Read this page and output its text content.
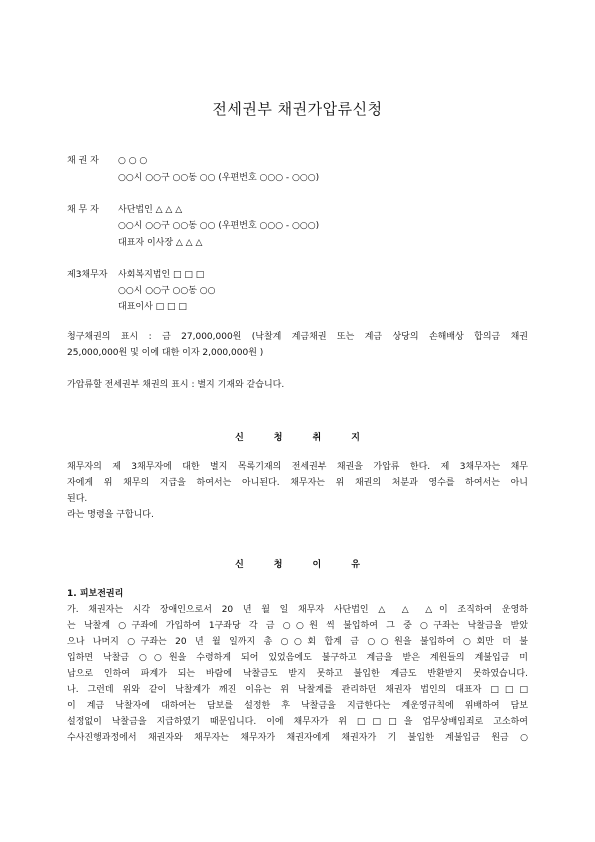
전세권부 채권가압류신청
채 권 자 ○ ○ ○
○○시 ○○구 ○○동 ○○ (우편번호 ○○○ - ○○○)
채 무 자 사단법인 △ △ △
○○시 ○○구 ○○동 ○○ (우편번호 ○○○ - ○○○)
대표자 이사장 △ △ △
제3채무자 사회복지법인 □ □ □
○○시 ○○구 ○○동 ○○
대표이사 □ □ □
청구채권의 표시 : 금 27,000,000원 (낙찰계 계금채권 또는 계금 상당의 손해배상 합의금 채권
25,000,000원 및 이에 대한 이자 2,000,000원 )
가압류할 전세권부 채권의 표시 : 별지 기재와 같습니다.
신	청	취	지
채무자의 제 3채무자에 대한 별지 목록기재의 전세권부 채권을 가압류 한다. 제 3채무자는 채무
자에게 위 채무의 지급을 하여서는 아니된다. 채무자는 위 채권의 처분과 영수를 하여서는 아니
된다.
라는 명령을 구합니다.
신	청	이	유
1. 피보전권리
가. 채권자는 시각 장애인으로서 20 년 월 일 채무자 사단법인 △ △ △이 조직하여 운영하
는 낙찰계 ○구좌에 가입하여 1구좌당 각 금 ○○원 씩 불입하여 그 중 ○구좌는 낙찰금을 받았
으나 나머지 ○구좌는 20 년 월 일까지 총 ○○회 합계 금 ○○원을 불입하여 ○회만 더 불
입하면 낙찰금 ○○원을 수령하게 되어 있었음에도 불구하고 계금을 받은 계원들의 계불입금 미
납으로 인하여 파계가 되는 바람에 낙찰금도 받지 못하고 불입한 계금도 반환받지 못하였습니다.
나. 그런데 위와 같이 낙찰계가 깨진 이유는 위 낙찰계를 관리하던 채권자 법인의 대표자 □□□
이 계금 낙찰자에 대하여는 담보를 설정한 후 낙찰금을 지급한다는 계운영규칙에 위배하여 담보
설정없이 낙찰금을 지급하였기 때문입니다. 이에 채무자가 위 □□□을 업무상배임죄로 고소하여
수사진행과정에서 채권자와 채무자는 채무자가 채권자에게 채권자가 기 불입한 계불입금 원금 ○
